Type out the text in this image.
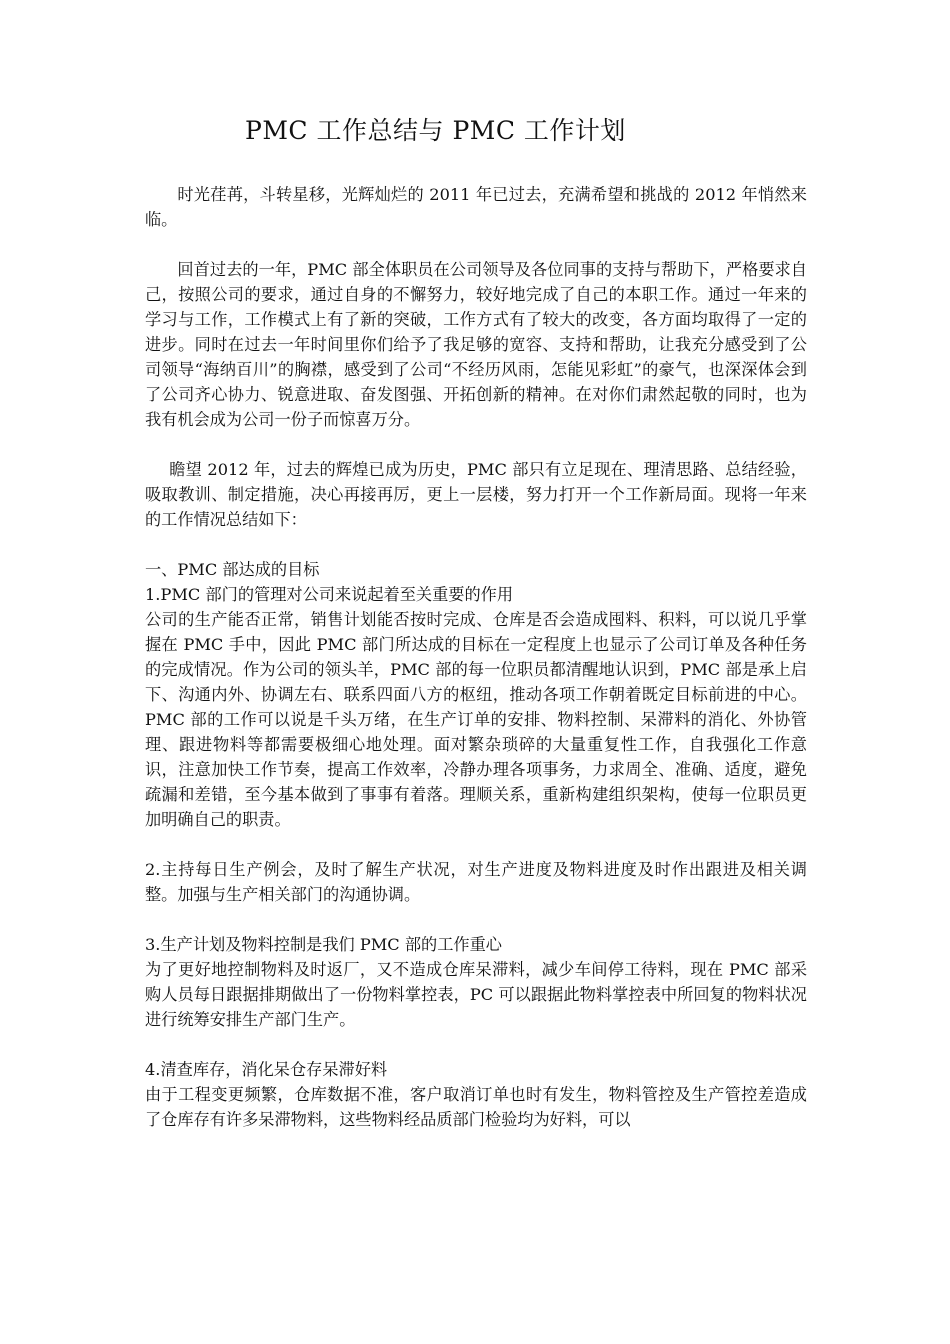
PMC 工作总结与 PMC 工作计划

时光荏苒，斗转星移，光辉灿烂的 2011 年已过去，充满希望和挑战的 2012 年悄然来临。

回首过去的一年，PMC 部全体职员在公司领导及各位同事的支持与帮助下，严格要求自己，按照公司的要求，通过自身的不懈努力，较好地完成了自己的本职工作。通过一年来的学习与工作，工作模式上有了新的突破，工作方式有了较大的改变，各方面均取得了一定的进步。同时在过去一年时间里你们给予了我足够的宽容、支持和帮助，让我充分感受到了公司领导“海纳百川”的胸襟，感受到了公司“不经历风雨，怎能见彩虹”的豪气，也深深体会到了公司齐心协力、锐意进取、奋发图强、开拓创新的精神。在对你们肃然起敬的同时，也为我有机会成为公司一份子而惊喜万分。

瞻望 2012 年，过去的辉煌已成为历史，PMC 部只有立足现在、理清思路、总结经验，吸取教训、制定措施，决心再接再厉，更上一层楼，努力打开一个工作新局面。现将一年来的工作情况总结如下：

一、PMC 部达成的目标

1.PMC 部门的管理对公司来说起着至关重要的作用

公司的生产能否正常，销售计划能否按时完成、仓库是否会造成囤料、积料，可以说几乎掌握在 PMC 手中，因此 PMC 部门所达成的目标在一定程度上也显示了公司订单及各种任务的完成情况。作为公司的领头羊，PMC 部的每一位职员都清醒地认识到，PMC 部是承上启下、沟通内外、协调左右、联系四面八方的枢纽，推动各项工作朝着既定目标前进的中心。PMC 部的工作可以说是千头万绪，在生产订单的安排、物料控制、呆滞料的消化、外协管理、跟进物料等都需要极细心地处理。面对繁杂琐碎的大量重复性工作，自我强化工作意识，注意加快工作节奏，提高工作效率，冷静办理各项事务，力求周全、准确、适度，避免疏漏和差错，至今基本做到了事事有着落。理顺关系，重新构建组织架构，使每一位职员更加明确自己的职责。

2.主持每日生产例会，及时了解生产状况，对生产进度及物料进度及时作出跟进及相关调整。加强与生产相关部门的沟通协调。

3.生产计划及物料控制是我们 PMC 部的工作重心

为了更好地控制物料及时返厂，又不造成仓库呆滞料，减少车间停工待料，现在 PMC 部采购人员每日跟据排期做出了一份物料掌控表，PC 可以跟据此物料掌控表中所回复的物料状况进行统筹安排生产部门生产。

4.清查库存，消化呆仓存呆滞好料

由于工程变更频繁，仓库数据不准，客户取消订单也时有发生，物料管控及生产管控差造成了仓库存有许多呆滞物料，这些物料经品质部门检验均为好料，可以
